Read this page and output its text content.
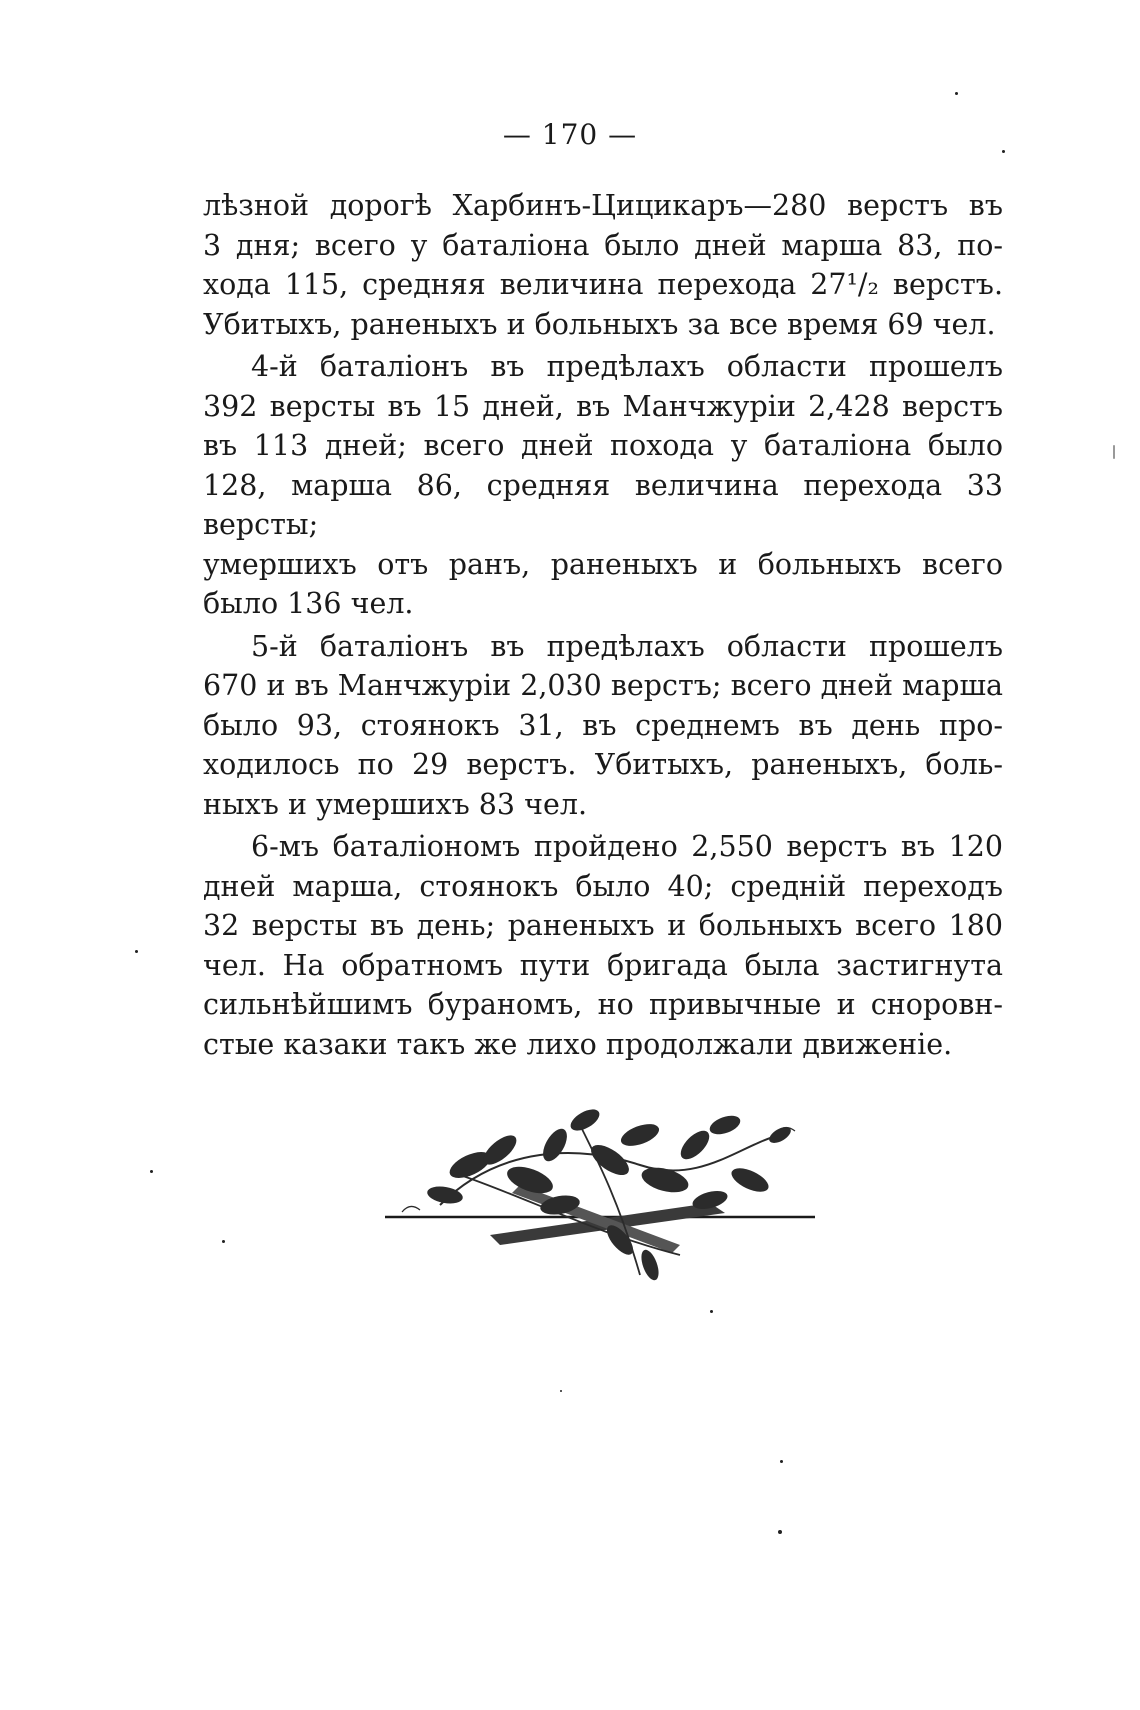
— 170 —

лѣзной дорогѣ Харбинъ-Цицикаръ—280 верстъ въ
3 дня; всего у баталіона было дней марша 83, по-
хода 115, средняя величина перехода 27¹/₂ верстъ.

Убитыхъ, раненыхъ и больныхъ за все время 69 чел.

4-й баталіонъ въ предѣлахъ области прошелъ
392 версты въ 15 дней, въ Манчжуріи 2,428 верстъ
въ 113 дней; всего дней похода у баталіона было
128, марша 86, средняя величина перехода 33 версты;
умершихъ отъ ранъ, раненыхъ и больныхъ всего

было 136 чел.

5-й баталіонъ въ предѣлахъ области прошелъ
670 и въ Манчжуріи 2,030 верстъ; всего дней марша
было 93, стоянокъ 31, въ среднемъ въ день про-
ходилось по 29 верстъ. Убитыхъ, раненыхъ, боль-

ныхъ и умершихъ 83 чел.

6-мъ баталіономъ пройдено 2,550 верстъ въ 120
дней марша, стоянокъ было 40; средній переходъ
32 версты въ день; раненыхъ и больныхъ всего 180
чел. На обратномъ пути бригада была застигнута
сильнѣйшимъ бураномъ, но привычные и сноровн-

стые казаки такъ же лихо продолжали движеніе.
